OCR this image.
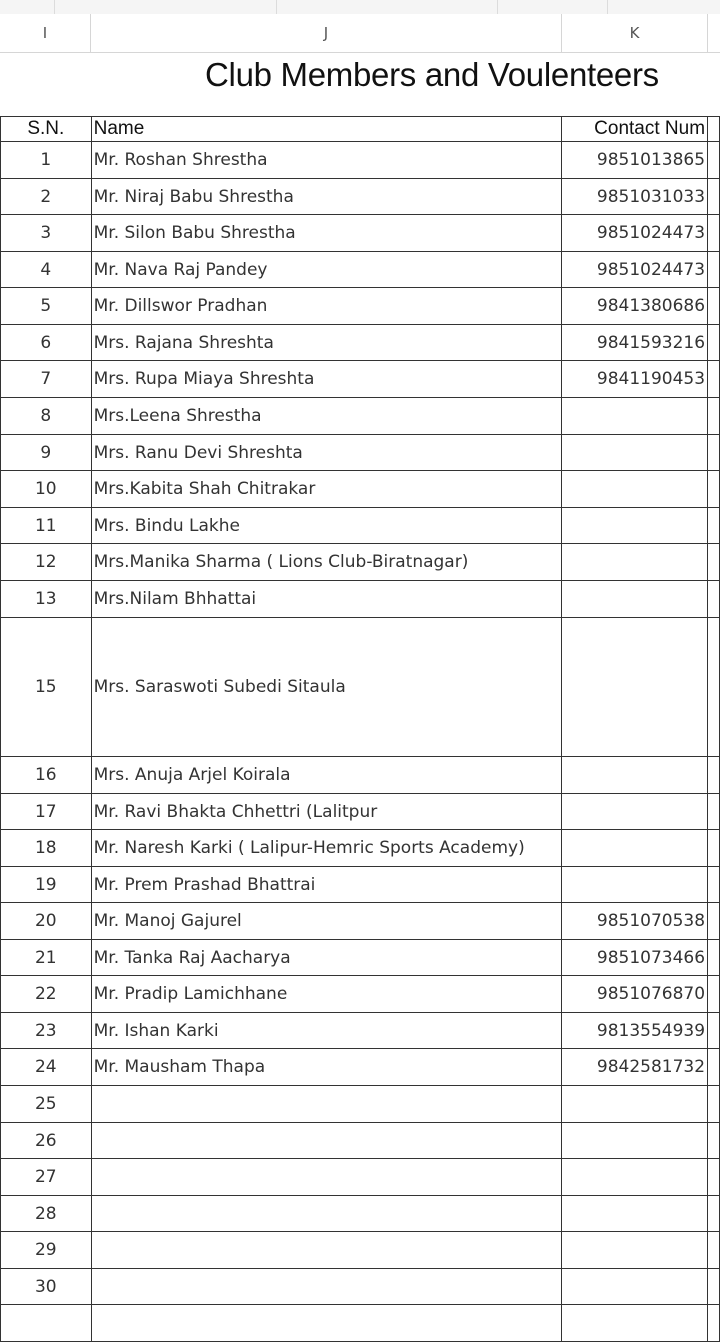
I	J	K
Club Members and Voulenteers
S.N.	Name	Contact Num	
1	Mr. Roshan Shrestha	9851013865	
2	Mr. Niraj Babu Shrestha	9851031033	
3	Mr. Silon Babu Shrestha	9851024473	
4	Mr. Nava Raj Pandey	9851024473	
5	Mr. Dillswor Pradhan	9841380686	
6	Mrs. Rajana Shreshta	9841593216	
7	Mrs. Rupa Miaya Shreshta	9841190453	
8	Mrs.Leena Shrestha		
9	Mrs. Ranu Devi Shreshta		
10	Mrs.Kabita Shah Chitrakar		
11	Mrs. Bindu Lakhe		
12	Mrs.Manika Sharma ( Lions Club-Biratnagar)		
13	Mrs.Nilam Bhhattai		
15	Mrs. Saraswoti Subedi Sitaula		
16	Mrs. Anuja Arjel Koirala		
17	Mr. Ravi Bhakta Chhettri (Lalitpur		
18	Mr. Naresh Karki ( Lalipur-Hemric Sports Academy)		
19	Mr. Prem Prashad Bhattrai		
20	Mr. Manoj Gajurel	9851070538	
21	Mr. Tanka Raj Aacharya	9851073466	
22	Mr. Pradip Lamichhane	9851076870	
23	Mr. Ishan Karki	9813554939	
24	Mr. Mausham Thapa	9842581732	
25			
26			
27			
28			
29			
30			
